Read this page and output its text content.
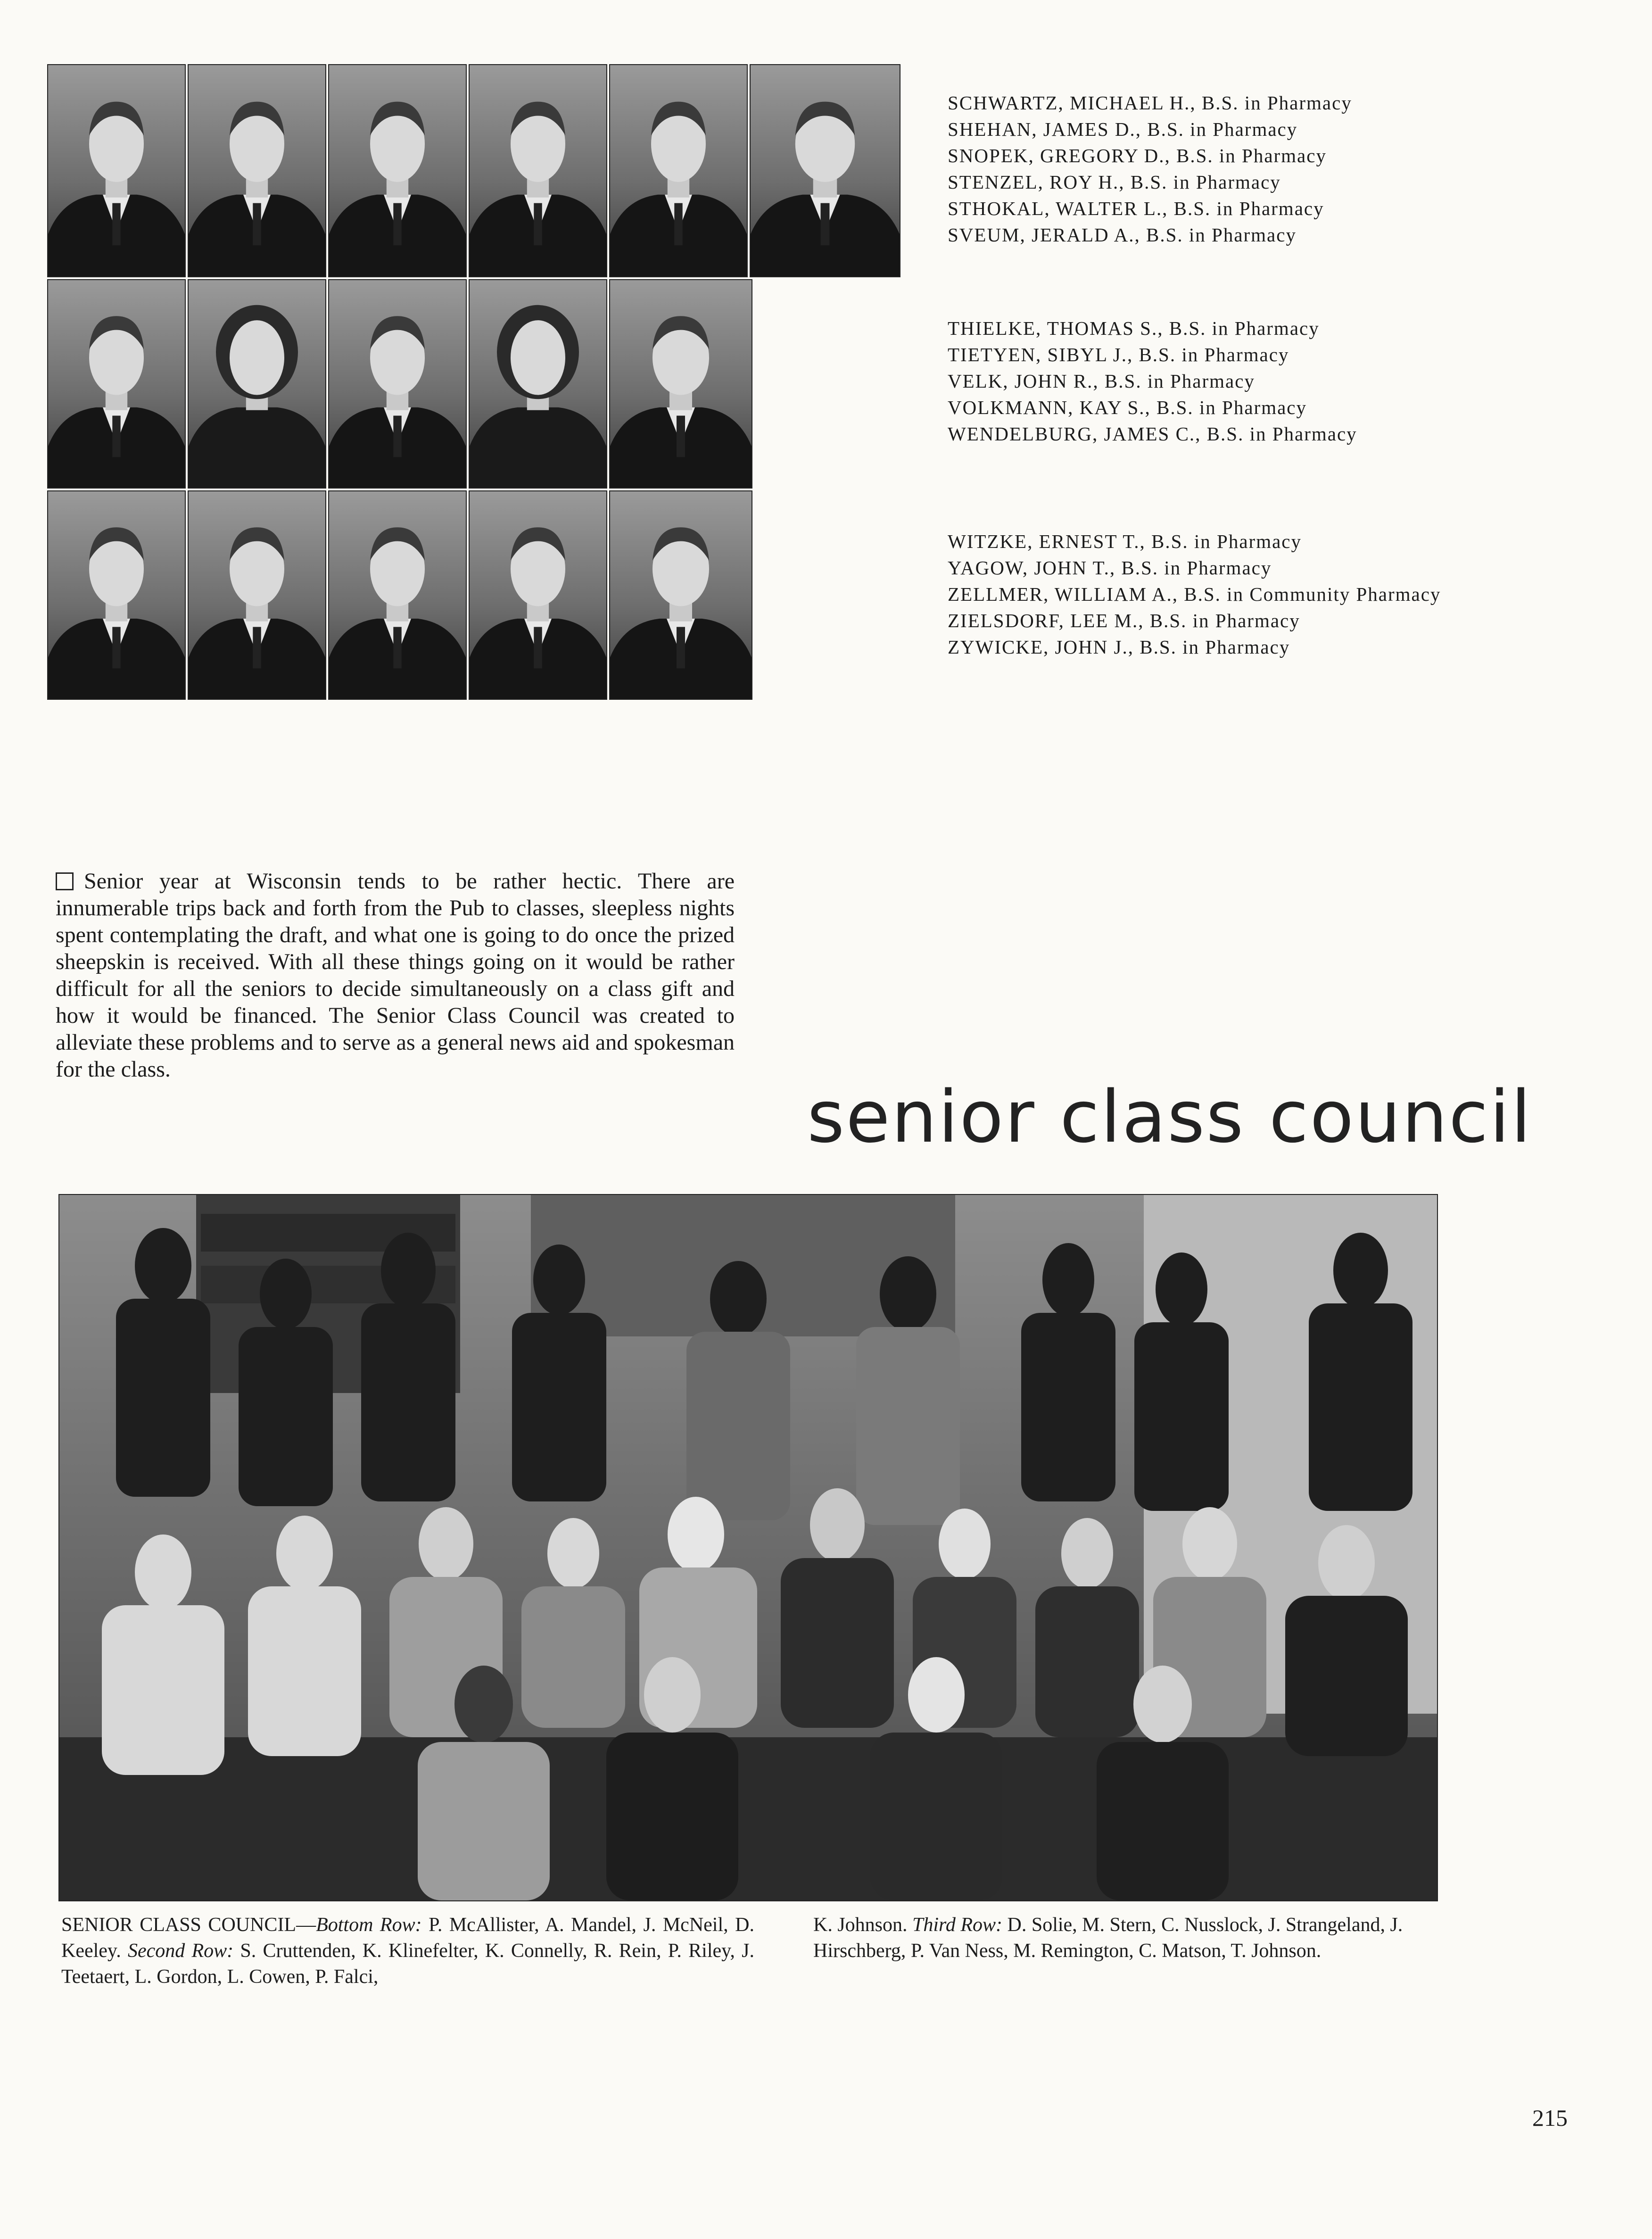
SCHWARTZ, MICHAEL H., B.S. in Pharmacy
SHEHAN, JAMES D., B.S. in Pharmacy
SNOPEK, GREGORY D., B.S. in Pharmacy
STENZEL, ROY H., B.S. in Pharmacy
STHOKAL, WALTER L., B.S. in Pharmacy
SVEUM, JERALD A., B.S. in Pharmacy
THIELKE, THOMAS S., B.S. in Pharmacy
TIETYEN, SIBYL J., B.S. in Pharmacy
VELK, JOHN R., B.S. in Pharmacy
VOLKMANN, KAY S., B.S. in Pharmacy
WENDELBURG, JAMES C., B.S. in Pharmacy
WITZKE, ERNEST T., B.S. in Pharmacy
YAGOW, JOHN T., B.S. in Pharmacy
ZELLMER, WILLIAM A., B.S. in Community Pharmacy
ZIELSDORF, LEE M., B.S. in Pharmacy
ZYWICKE, JOHN J., B.S. in Pharmacy
Senior year at Wisconsin tends to be rather hectic. There are innumerable trips back and forth from the Pub to classes, sleepless nights spent contemplating the draft, and what one is going to do once the prized sheepskin is received. With all these things going on it would be rather difficult for all the seniors to decide simultaneously on a class gift and how it would be financed. The Senior Class Council was created to alleviate these problems and to serve as a general news aid and spokesman for the class.
senior class council
SENIOR CLASS COUNCIL—Bottom Row: P. McAllister, A. Mandel, J. McNeil, D. Keeley. Second Row: S. Cruttenden, K. Klinefelter, K. Connelly, R. Rein, P. Riley, J. Teetaert, L. Gordon, L. Cowen, P. Falci,
K. Johnson. Third Row: D. Solie, M. Stern, C. Nusslock, J. Strangeland, J. Hirschberg, P. Van Ness, M. Remington, C. Matson, T. Johnson.
215
